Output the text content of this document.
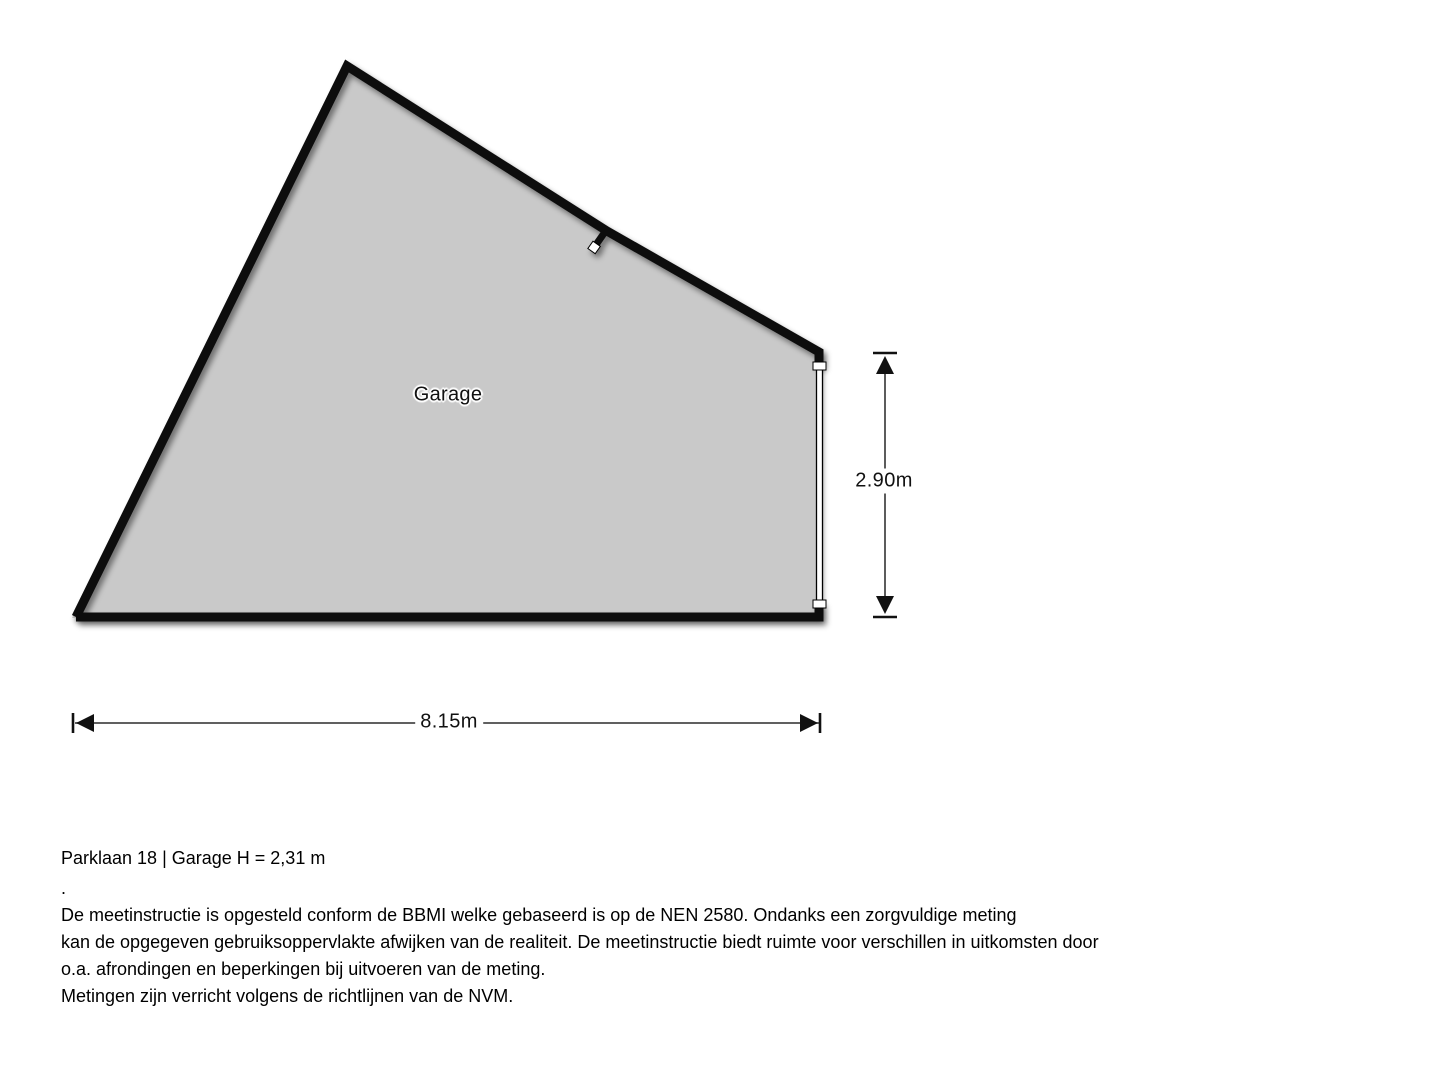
Garage
2.90m
8.15m
Parklaan 18 | Garage H = 2,31 m
.
De meetinstructie is opgesteld conform de BBMI welke gebaseerd is op de NEN 2580. Ondanks een zorgvuldige meting
kan de opgegeven gebruiksoppervlakte afwijken van de realiteit. De meetinstructie biedt ruimte voor verschillen in uitkomsten door
o.a. afrondingen en beperkingen bij uitvoeren van de meting.
Metingen zijn verricht volgens de richtlijnen van de NVM.
